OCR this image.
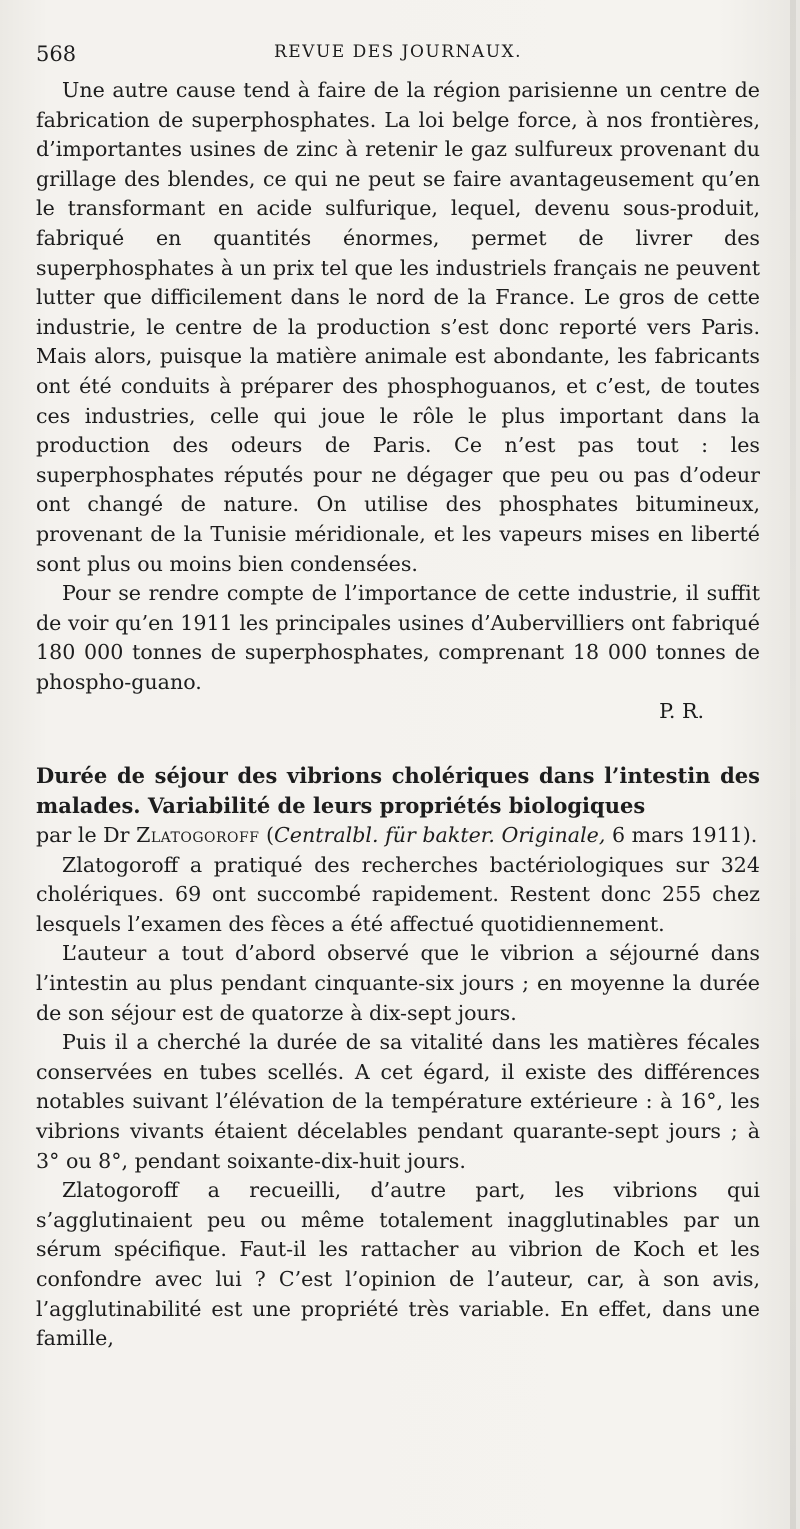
568	REVUE DES JOURNAUX.

Une autre cause tend à faire de la région parisienne un centre de fabrication de superphosphates. La loi belge force, à nos frontières, d’importantes usines de zinc à retenir le gaz sulfureux provenant du grillage des blendes, ce qui ne peut se faire avantageusement qu’en le transformant en acide sulfurique, lequel, devenu sous-produit, fabriqué en quantités énormes, permet de livrer des superphosphates à un prix tel que les industriels français ne peuvent lutter que difficilement dans le nord de la France. Le gros de cette industrie, le centre de la production s’est donc reporté vers Paris. Mais alors, puisque la matière animale est abondante, les fabricants ont été conduits à préparer des phosphoguanos, et c’est, de toutes ces industries, celle qui joue le rôle le plus important dans la production des odeurs de Paris. Ce n’est pas tout : les superphosphates réputés pour ne dégager que peu ou pas d’odeur ont changé de nature. On utilise des phosphates bitumineux, provenant de la Tunisie méridionale, et les vapeurs mises en liberté sont plus ou moins bien condensées.

Pour se rendre compte de l’importance de cette industrie, il suffit de voir qu’en 1911 les principales usines d’Aubervilliers ont fabriqué 180 000 tonnes de superphosphates, comprenant 18 000 tonnes de phospho-guano.

P. R.

Durée de séjour des vibrions cholériques dans l’intestin des malades. Variabilité de leurs propriétés biologiques

par le Dr Zlatogoroff (Centralbl. für bakter. Originale, 6 mars 1911).

Zlatogoroff a pratiqué des recherches bactériologiques sur 324 cholériques. 69 ont succombé rapidement. Restent donc 255 chez lesquels l’examen des fèces a été affectué quotidiennement.

L’auteur a tout d’abord observé que le vibrion a séjourné dans l’intestin au plus pendant cinquante-six jours ; en moyenne la durée de son séjour est de quatorze à dix-sept jours.

Puis il a cherché la durée de sa vitalité dans les matières fécales conservées en tubes scellés. A cet égard, il existe des différences notables suivant l’élévation de la température extérieure : à 16°, les vibrions vivants étaient décelables pendant quarante-sept jours ; à 3° ou 8°, pendant soixante-dix-huit jours.

Zlatogoroff a recueilli, d’autre part, les vibrions qui s’agglutinaient peu ou même totalement inagglutinables par un sérum spécifique. Faut-il les rattacher au vibrion de Koch et les confondre avec lui ? C’est l’opinion de l’auteur, car, à son avis, l’agglutinabilité est une propriété très variable. En effet, dans une famille,
